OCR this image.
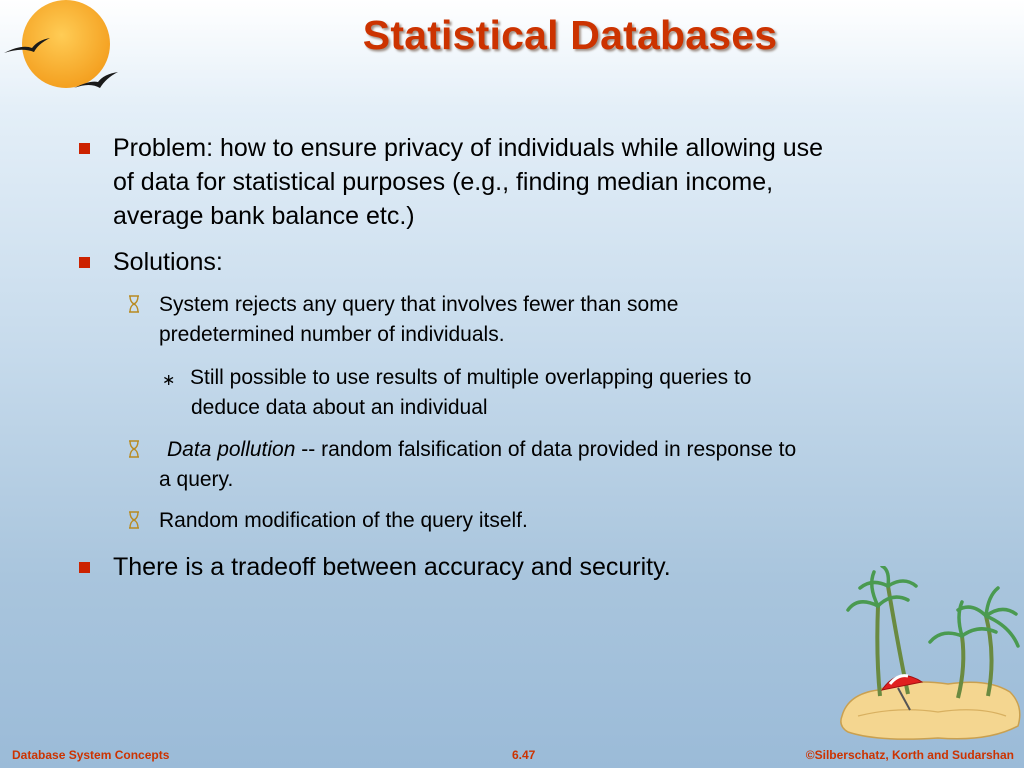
Statistical Databases
Problem: how to ensure privacy of individuals while allowing use
of data for statistical purposes (e.g., finding median income,
average bank balance etc.)
Solutions:
System rejects any query that involves fewer than some
predetermined number of individuals.
∗ Still possible to use results of multiple overlapping queries to
deduce data about an individual
Data pollution -- random falsification of data provided in response to
a query.
Random modification of the query itself.
There is a tradeoff between accuracy and security.
Database System Concepts	6.47	©Silberschatz, Korth and Sudarshan
